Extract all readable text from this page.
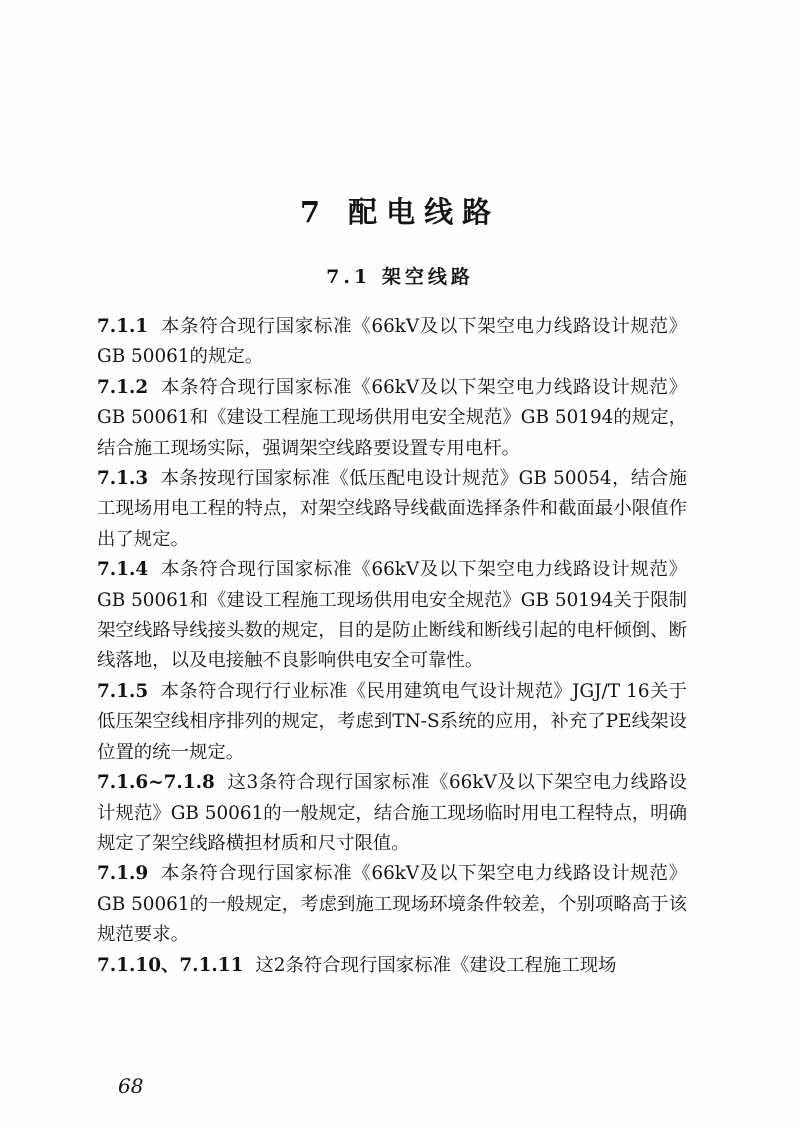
7 配电线路
7.1 架空线路

7.1.1 本条符合现行国家标准《66kV及以下架空电力线路设计规范》GB 50061的规定。

7.1.2 本条符合现行国家标准《66kV及以下架空电力线路设计规范》GB 50061和《建设工程施工现场供用电安全规范》GB 50194的规定，结合施工现场实际，强调架空线路要设置专用电杆。

7.1.3 本条按现行国家标准《低压配电设计规范》GB 50054，结合施工现场用电工程的特点，对架空线路导线截面选择条件和截面最小限值作出了规定。

7.1.4 本条符合现行国家标准《66kV及以下架空电力线路设计规范》GB 50061和《建设工程施工现场供用电安全规范》GB 50194关于限制架空线路导线接头数的规定，目的是防止断线和断线引起的电杆倾倒、断线落地，以及电接触不良影响供电安全可靠性。

7.1.5 本条符合现行行业标准《民用建筑电气设计规范》JGJ/T 16关于低压架空线相序排列的规定，考虑到TN-S系统的应用，补充了PE线架设位置的统一规定。

7.1.6~7.1.8 这3条符合现行国家标准《66kV及以下架空电力线路设计规范》GB 50061的一般规定，结合施工现场临时用电工程特点，明确规定了架空线路横担材质和尺寸限值。

7.1.9 本条符合现行国家标准《66kV及以下架空电力线路设计规范》GB 50061的一般规定，考虑到施工现场环境条件较差，个别项略高于该规范要求。

7.1.10、7.1.11 这2条符合现行国家标准《建设工程施工现场

68
